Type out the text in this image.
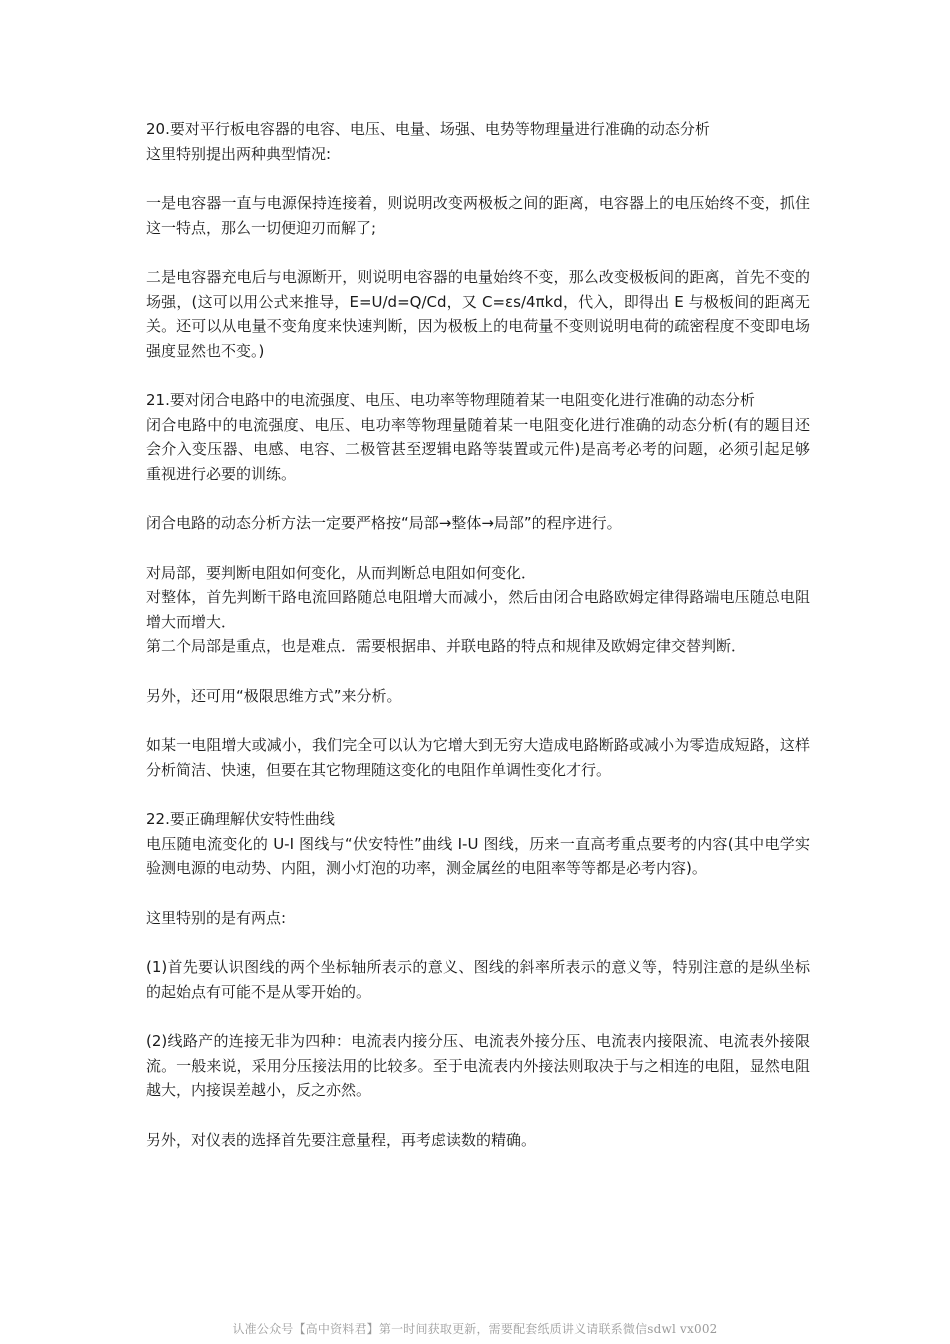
20.要对平行板电容器的电容、电压、电量、场强、电势等物理量进行准确的动态分析
这里特别提出两种典型情况:

一是电容器一直与电源保持连接着，则说明改变两极板之间的距离，电容器上的电压始终不变，抓住这一特点，那么一切便迎刃而解了;

二是电容器充电后与电源断开，则说明电容器的电量始终不变，那么改变极板间的距离，首先不变的场强，(这可以用公式来推导，E=U/d=Q/Cd，又 C=εs/4πkd，代入，即得出 E 与极板间的距离无关。还可以从电量不变角度来快速判断，因为极板上的电荷量不变则说明电荷的疏密程度不变即电场强度显然也不变。)

21.要对闭合电路中的电流强度、电压、电功率等物理随着某一电阻变化进行准确的动态分析
闭合电路中的电流强度、电压、电功率等物理量随着某一电阻变化进行准确的动态分析(有的题目还会介入变压器、电感、电容、二极管甚至逻辑电路等装置或元件)是高考必考的问题，必须引起足够重视进行必要的训练。

闭合电路的动态分析方法一定要严格按“局部→整体→局部”的程序进行。

对局部，要判断电阻如何变化，从而判断总电阻如何变化．
对整体，首先判断干路电流回路随总电阻增大而减小，然后由闭合电路欧姆定律得路端电压随总电阻增大而增大．
第二个局部是重点，也是难点．需要根据串、并联电路的特点和规律及欧姆定律交替判断．

另外，还可用“极限思维方式”来分析。

如某一电阻增大或减小，我们完全可以认为它增大到无穷大造成电路断路或减小为零造成短路，这样分析简洁、快速，但要在其它物理随这变化的电阻作单调性变化才行。

22.要正确理解伏安特性曲线
电压随电流变化的 U-I 图线与“伏安特性”曲线 I-U 图线，历来一直高考重点要考的内容(其中电学实验测电源的电动势、内阻，测小灯泡的功率，测金属丝的电阻率等等都是必考内容)。

这里特别的是有两点:

(1)首先要认识图线的两个坐标轴所表示的意义、图线的斜率所表示的意义等，特别注意的是纵坐标的起始点有可能不是从零开始的。

(2)线路产的连接无非为四种：电流表内接分压、电流表外接分压、电流表内接限流、电流表外接限流。一般来说，采用分压接法用的比较多。至于电流表内外接法则取决于与之相连的电阻，显然电阻越大，内接误差越小，反之亦然。

另外，对仪表的选择首先要注意量程，再考虑读数的精确。

认准公众号【高中资料君】第一时间获取更新，需要配套纸质讲义请联系微信sdwl vx002
